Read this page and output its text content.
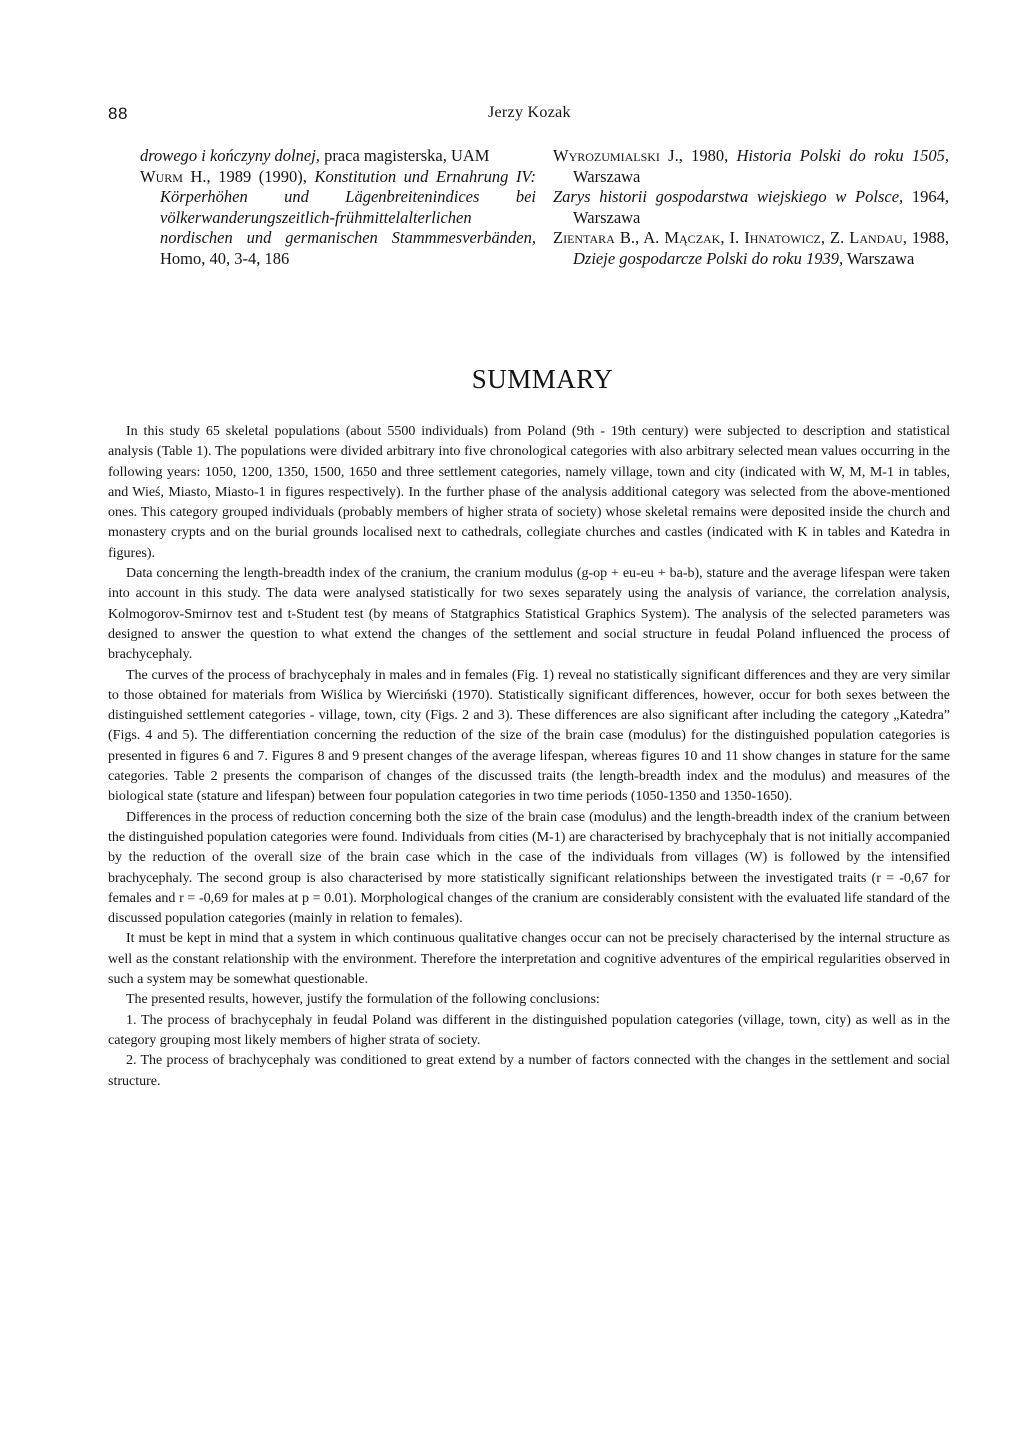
88	Jerzy Kozak

drowego i kończyny dolnej, praca magisterska, UAM

Wurm H., 1989 (1990), Konstitution und Ernahrung IV: Körperhöhen und Lägenbreitenindices bei völkerwanderungszeitlich-frühmittelalterlichen nordischen und germanischen Stammmesverbänden, Homo, 40, 3-4, 186

Wyrozumialski J., 1980, Historia Polski do roku 1505, Warszawa

Zarys historii gospodarstwa wiejskiego w Polsce, 1964, Warszawa

Zientara B., A. Mączak, I. Ihnatowicz, Z. Landau, 1988, Dzieje gospodarcze Polski do roku 1939, Warszawa

SUMMARY

In this study 65 skeletal populations (about 5500 individuals) from Poland (9th - 19th century) were subjected to description and statistical analysis (Table 1). The populations were divided arbitrary into five chronological categories with also arbitrary selected mean values occurring in the following years: 1050, 1200, 1350, 1500, 1650 and three settlement categories, namely village, town and city (indicated with W, M, M-1 in tables, and Wieś, Miasto, Miasto-1 in figures respectively). In the further phase of the analysis additional category was selected from the above-mentioned ones. This category grouped individuals (probably members of higher strata of society) whose skeletal remains were deposited inside the church and monastery crypts and on the burial grounds localised next to cathedrals, collegiate churches and castles (indicated with K in tables and Katedra in figures).

Data concerning the length-breadth index of the cranium, the cranium modulus (g-op + eu-eu + ba-b), stature and the average lifespan were taken into account in this study. The data were analysed statistically for two sexes separately using the analysis of variance, the correlation analysis, Kolmogorov-Smirnov test and t-Student test (by means of Statgraphics Statistical Graphics System). The analysis of the selected parameters was designed to answer the question to what extend the changes of the settlement and social structure in feudal Poland influenced the process of brachycephaly.

The curves of the process of brachycephaly in males and in females (Fig. 1) reveal no statistically significant differences and they are very similar to those obtained for materials from Wiślica by Wierciński (1970). Statistically significant differences, however, occur for both sexes between the distinguished settlement categories - village, town, city (Figs. 2 and 3). These differences are also significant after including the category „Katedra” (Figs. 4 and 5). The differentiation concerning the reduction of the size of the brain case (modulus) for the distinguished population categories is presented in figures 6 and 7. Figures 8 and 9 present changes of the average lifespan, whereas figures 10 and 11 show changes in stature for the same categories. Table 2 presents the comparison of changes of the discussed traits (the length-breadth index and the modulus) and measures of the biological state (stature and lifespan) between four population categories in two time periods (1050-1350 and 1350-1650).

Differences in the process of reduction concerning both the size of the brain case (modulus) and the length-breadth index of the cranium between the distinguished population categories were found. Individuals from cities (M-1) are characterised by brachycephaly that is not initially accompanied by the reduction of the overall size of the brain case which in the case of the individuals from villages (W) is followed by the intensified brachycephaly. The second group is also characterised by more statistically significant relationships between the investigated traits (r = -0,67 for females and r = -0,69 for males at p = 0.01). Morphological changes of the cranium are considerably consistent with the evaluated life standard of the discussed population categories (mainly in relation to females).

It must be kept in mind that a system in which continuous qualitative changes occur can not be precisely characterised by the internal structure as well as the constant relationship with the environment. Therefore the interpretation and cognitive adventures of the empirical regularities observed in such a system may be somewhat questionable.

The presented results, however, justify the formulation of the following conclusions:

1. The process of brachycephaly in feudal Poland was different in the distinguished population categories (village, town, city) as well as in the category grouping most likely members of higher strata of society.

2. The process of brachycephaly was conditioned to great extend by a number of factors connected with the changes in the settlement and social structure.
